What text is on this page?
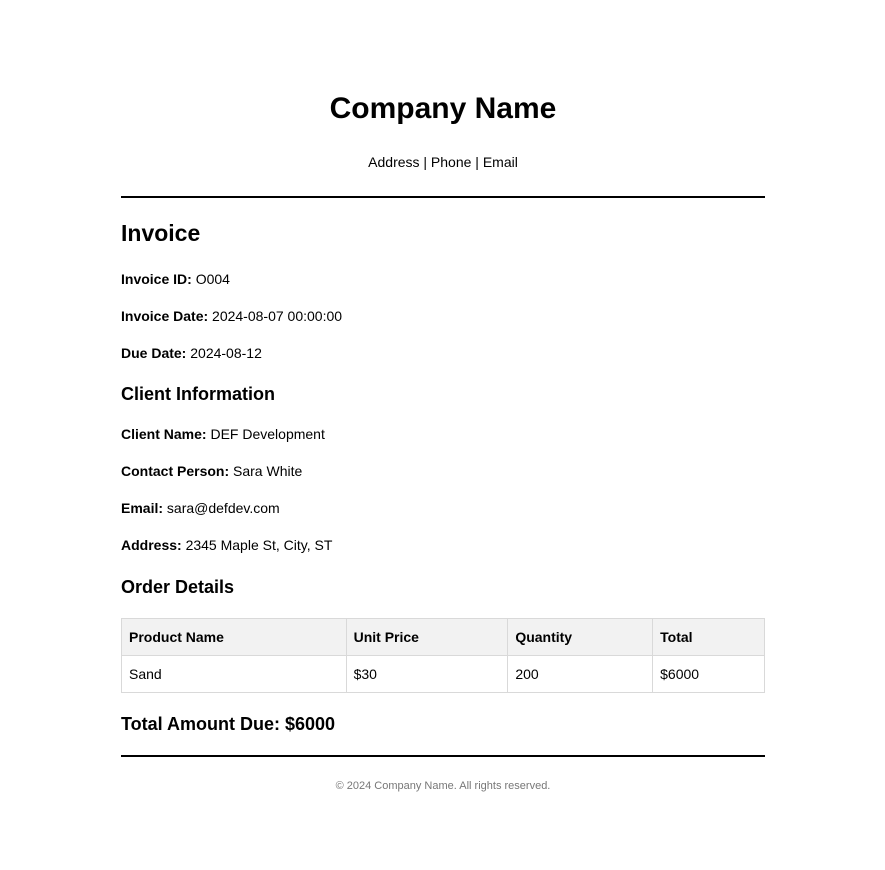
Company Name
Address | Phone | Email
Invoice
Invoice ID: O004
Invoice Date: 2024-08-07 00:00:00
Due Date: 2024-08-12
Client Information
Client Name: DEF Development
Contact Person: Sara White
Email: sara@defdev.com
Address: 2345 Maple St, City, ST
Order Details
Product Name	Unit Price	Quantity	Total
Sand	$30	200	$6000
Total Amount Due: $6000
© 2024 Company Name. All rights reserved.
